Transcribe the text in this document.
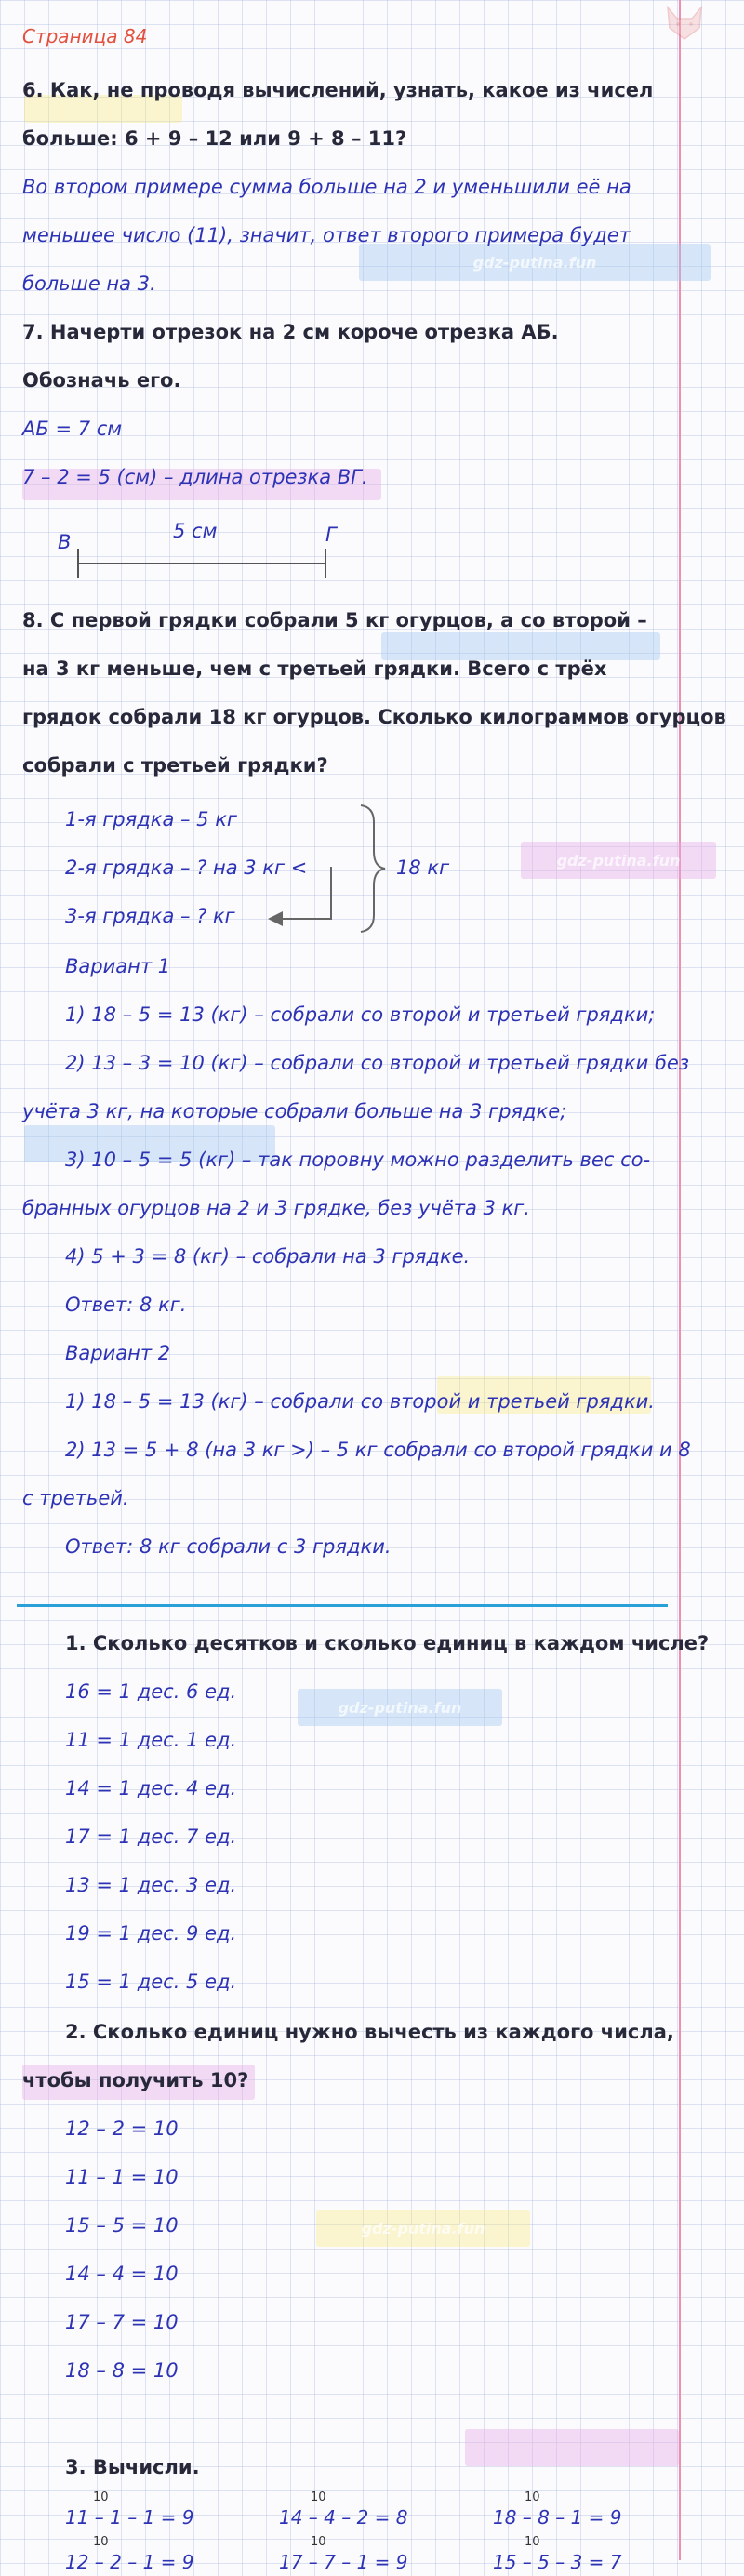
gdz-putina.fun
gdz-putina.fun
gdz-putina.fun
gdz-putina.fun
Страница 84
6. Как, не проводя вычислений, узнать, какое из чисел
больше: 6 + 9 – 12 или 9 + 8 – 11?
Во втором примере сумма больше на 2 и уменьшили её на
меньшее число (11), значит, ответ второго примера будет
больше на 3.
7. Начерти отрезок на 2 см короче отрезка АБ.
Обозначь его.
АБ = 7 см
7 – 2 = 5 (см) – длина отрезка ВГ.
В	Г
5 см
8. С первой грядки собрали 5 кг огурцов, а со второй –
на 3 кг меньше, чем с третьей грядки. Всего с трёх
грядок собрали 18 кг огурцов. Сколько килограммов огурцов
собрали с третьей грядки?
1-я грядка – 5 кг
2-я грядка – ? на 3 кг <
3-я грядка – ? кг
18 кг
Вариант 1
1) 18 – 5 = 13 (кг) – собрали со второй и третьей грядки;
2) 13 – 3 = 10 (кг) – собрали со второй и третьей грядки без
учёта 3 кг, на которые собрали больше на 3 грядке;
3) 10 – 5 = 5 (кг) – так поровну можно разделить вес со-
бранных огурцов на 2 и 3 грядке, без учёта 3 кг.
4) 5 + 3 = 8 (кг) – собрали на 3 грядке.
Ответ: 8 кг.
Вариант 2
1) 18 – 5 = 13 (кг) – собрали со второй и третьей грядки.
2) 13 = 5 + 8 (на 3 кг >) – 5 кг собрали со второй грядки и 8
с третьей.
Ответ: 8 кг собрали с 3 грядки.
1. Сколько десятков и сколько единиц в каждом числе?
16 = 1 дес. 6 ед.
11 = 1 дес. 1 ед.
14 = 1 дес. 4 ед.
17 = 1 дес. 7 ед.
13 = 1 дес. 3 ед.
19 = 1 дес. 9 ед.
15 = 1 дес. 5 ед.
2. Сколько единиц нужно вычесть из каждого числа,
чтобы получить 10?
12 – 2 = 10
11 – 1 = 10
15 – 5 = 10
14 – 4 = 10
17 – 7 = 10
18 – 8 = 10
3. Вычисли.
10
11 – 1 – 1 = 9
10
14 – 4 – 2 = 8
10
18 – 8 – 1 = 9
10
12 – 2 – 1 = 9
10
17 – 7 – 1 = 9
10
15 – 5 – 3 = 7
